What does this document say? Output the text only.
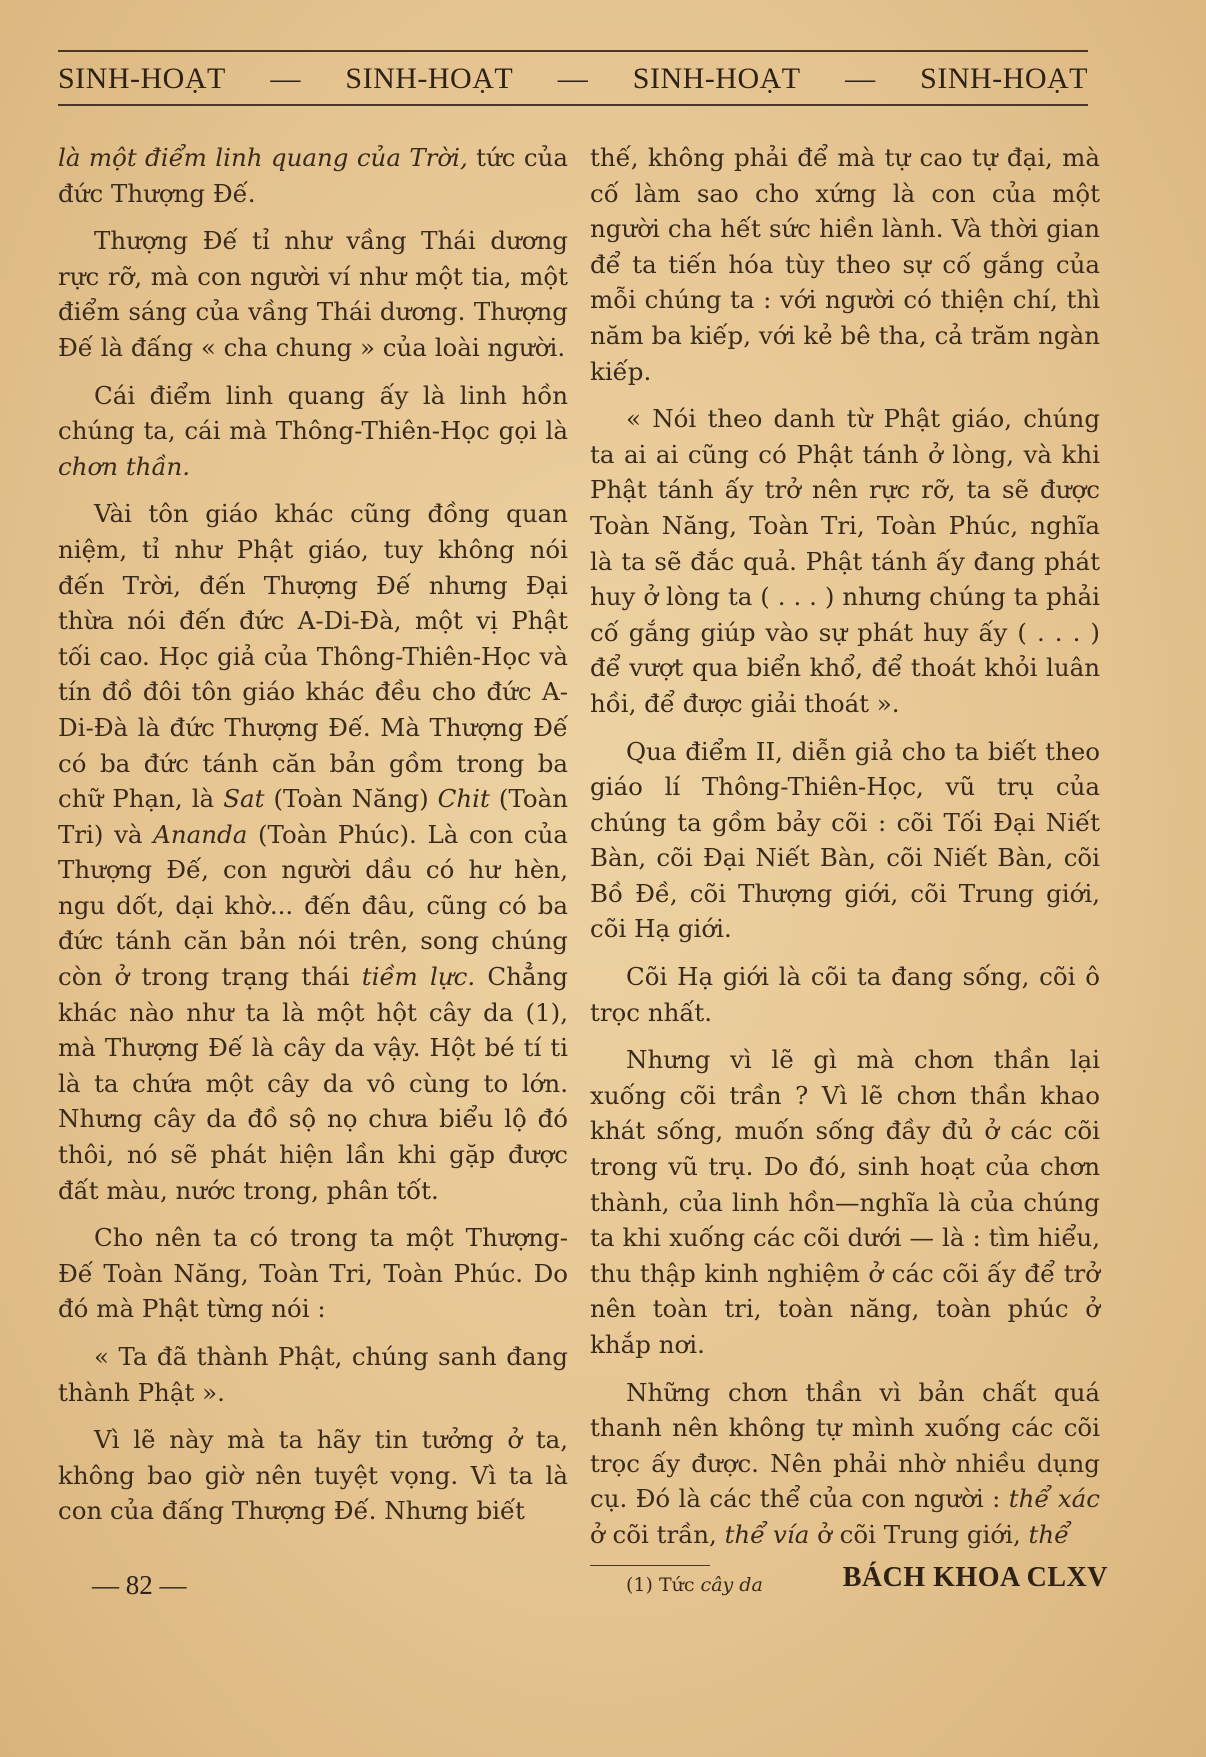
SINH-HOẠT — SINH-HOẠT — SINH-HOẠT — SINH-HOẠT

là một điểm linh quang của Trời, tức của đức Thượng Đế.

Thượng Đế tỉ như vầng Thái dương rực rỡ, mà con người ví như một tia, một điểm sáng của vầng Thái dương. Thượng Đế là đấng « cha chung » của loài người.

Cái điểm linh quang ấy là linh hồn chúng ta, cái mà Thông-Thiên-Học gọi là chơn thần.

Vài tôn giáo khác cũng đồng quan niệm, tỉ như Phật giáo, tuy không nói đến Trời, đến Thượng Đế nhưng Đại thừa nói đến đức A-Di-Đà, một vị Phật tối cao. Học giả của Thông-Thiên-Học và tín đồ đôi tôn giáo khác đều cho đức A-Di-Đà là đức Thượng Đế. Mà Thượng Đế có ba đức tánh căn bản gồm trong ba chữ Phạn, là Sat (Toàn Năng) Chit (Toàn Tri) và Ananda (Toàn Phúc). Là con của Thượng Đế, con người dầu có hư hèn, ngu dốt, dại khờ... đến đâu, cũng có ba đức tánh căn bản nói trên, song chúng còn ở trong trạng thái tiềm lực. Chẳng khác nào như ta là một hột cây da (1), mà Thượng Đế là cây da vậy. Hột bé tí ti là ta chứa một cây da vô cùng to lớn. Nhưng cây da đồ sộ nọ chưa biểu lộ đó thôi, nó sẽ phát hiện lần khi gặp được đất màu, nước trong, phân tốt.

Cho nên ta có trong ta một Thượng-Đế Toàn Năng, Toàn Tri, Toàn Phúc. Do đó mà Phật từng nói :

« Ta đã thành Phật, chúng sanh đang thành Phật ».

Vì lẽ này mà ta hãy tin tưởng ở ta, không bao giờ nên tuyệt vọng. Vì ta là con của đấng Thượng Đế. Nhưng biết

thế, không phải để mà tự cao tự đại, mà cố làm sao cho xứng là con của một người cha hết sức hiền lành. Và thời gian để ta tiến hóa tùy theo sự cố gắng của mỗi chúng ta : với người có thiện chí, thì năm ba kiếp, với kẻ bê tha, cả trăm ngàn kiếp.

« Nói theo danh từ Phật giáo, chúng ta ai ai cũng có Phật tánh ở lòng, và khi Phật tánh ấy trở nên rực rỡ, ta sẽ được Toàn Năng, Toàn Tri, Toàn Phúc, nghĩa là ta sẽ đắc quả. Phật tánh ấy đang phát huy ở lòng ta ( . . . ) nhưng chúng ta phải cố gắng giúp vào sự phát huy ấy ( . . . ) để vượt qua biển khổ, để thoát khỏi luân hồi, để được giải thoát ».

Qua điểm II, diễn giả cho ta biết theo giáo lí Thông-Thiên-Học, vũ trụ của chúng ta gồm bảy cõi : cõi Tối Đại Niết Bàn, cõi Đại Niết Bàn, cõi Niết Bàn, cõi Bồ Đề, cõi Thượng giới, cõi Trung giới, cõi Hạ giới.

Cõi Hạ giới là cõi ta đang sống, cõi ô trọc nhất.

Nhưng vì lẽ gì mà chơn thần lại xuống cõi trần ? Vì lẽ chơn thần khao khát sống, muốn sống đầy đủ ở các cõi trong vũ trụ. Do đó, sinh hoạt của chơn thành, của linh hồn—nghĩa là của chúng ta khi xuống các cõi dưới — là : tìm hiểu, thu thập kinh nghiệm ở các cõi ấy để trở nên toàn tri, toàn năng, toàn phúc ở khắp nơi.

Những chơn thần vì bản chất quá thanh nên không tự mình xuống các cõi trọc ấy được. Nên phải nhờ nhiều dụng cụ. Đó là các thể của con người : thể xác ở cõi trần, thể vía ở cõi Trung giới, thể

(1) Tức cây da

— 82 —	BÁCH KHOA CLXV
